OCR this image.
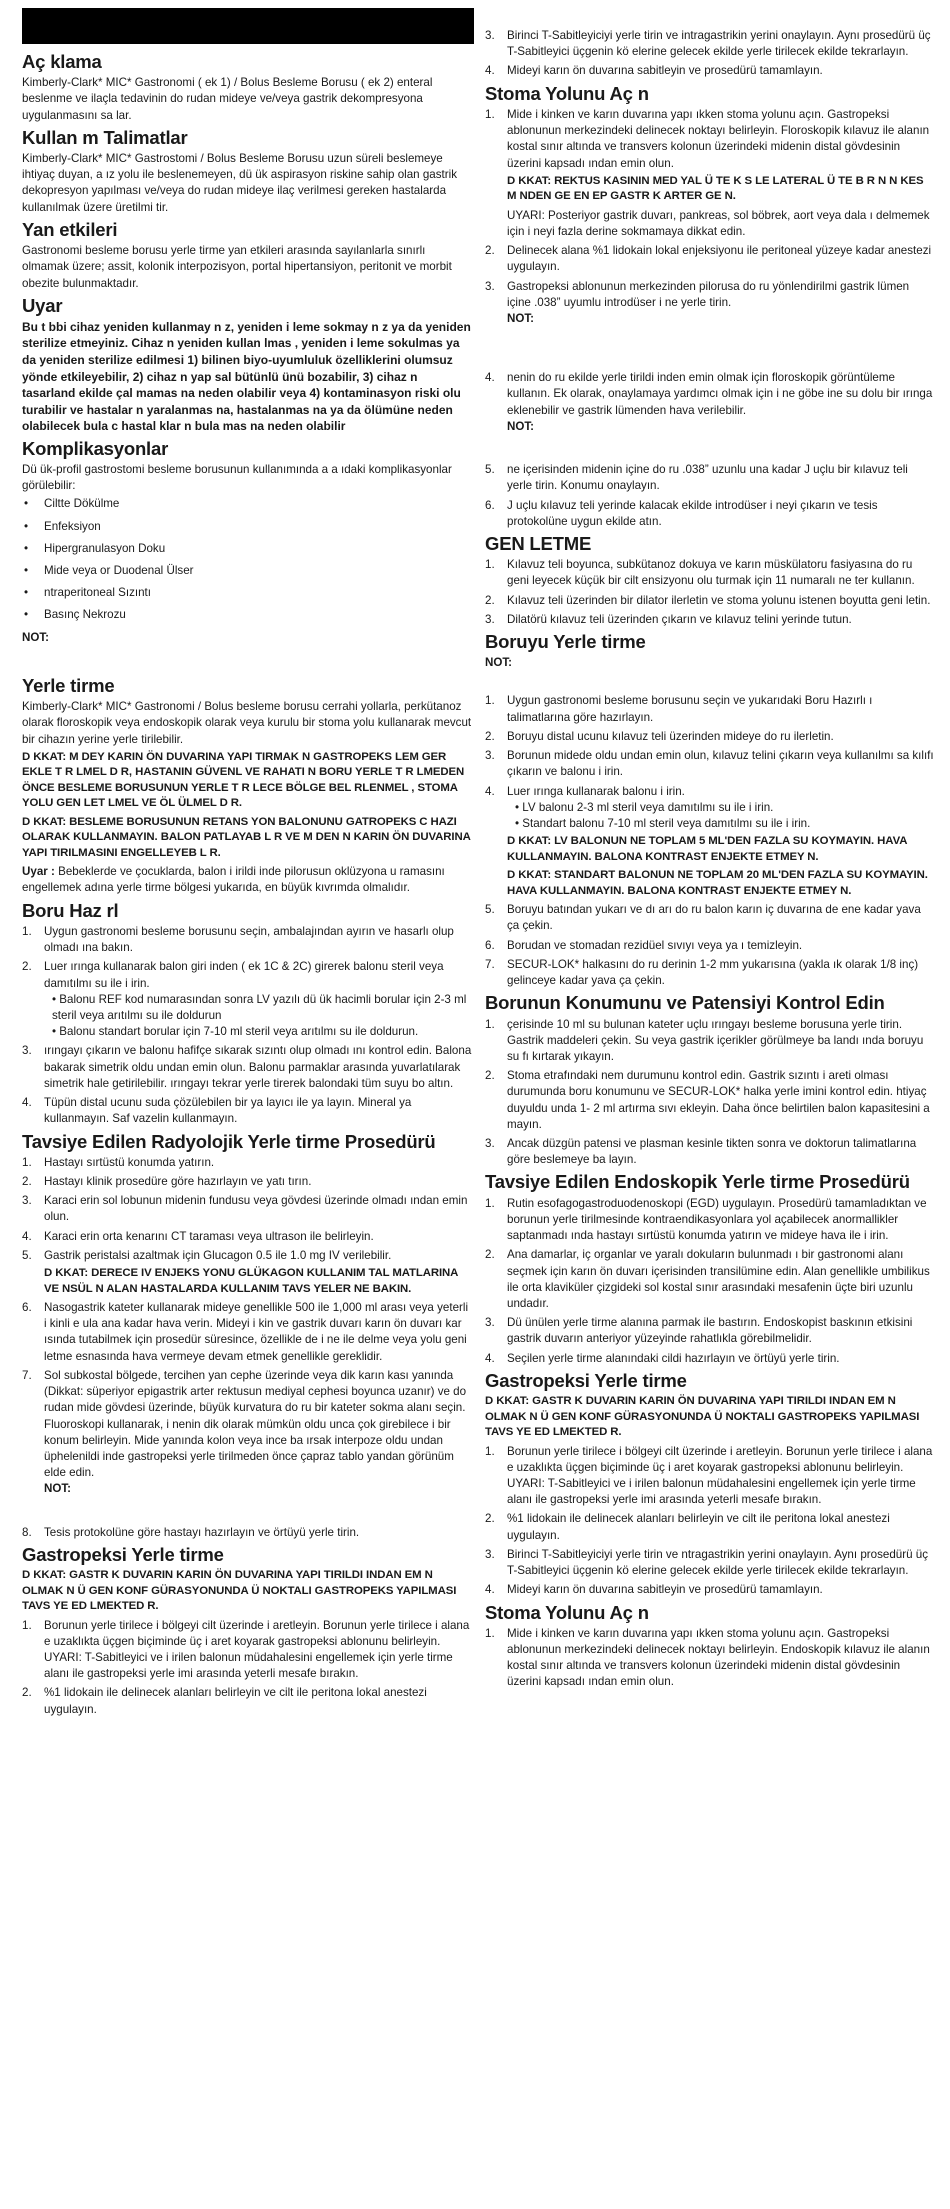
Aç klama

Kimberly-Clark* MIC* Gastronomi ( ek 1) / Bolus Besleme Borusu ( ek 2) enteral beslenme ve ilaçla tedavinin do rudan mideye ve/veya gastrik dekompresyona uygulanmasını sa lar.

Kullan m Talimatlar

Kimberly-Clark* MIC* Gastrostomi / Bolus Besleme Borusu uzun süreli beslemeye ihtiyaç duyan, a ız yolu ile beslenemeyen, dü ük aspirasyon riskine sahip olan gastrik dekopresyon yapılması ve/veya do rudan mideye ilaç verilmesi gereken hastalarda kullanılmak üzere üretilmi tir.

Yan etkileri

Gastronomi besleme borusu yerle tirme yan etkileri arasında sayılanlarla sınırlı olmamak üzere; assit, kolonik interpozisyon, portal hipertansiyon, peritonit ve morbit obezite bulunmaktadır.

Uyar

Bu t bbi cihaz yeniden kullanmay n z, yeniden i leme sokmay n z ya da yeniden sterilize etmeyiniz. Cihaz n yeniden kullan lmas , yeniden i leme sokulmas ya da yeniden sterilize edilmesi 1) bilinen biyo-uyumluluk özelliklerini olumsuz yönde etkileyebilir, 2) cihaz n yap sal bütünlü ünü bozabilir, 3) cihaz n tasarland ekilde çal mamas na neden olabilir veya 4) kontaminasyon riski olu turabilir ve hastalar n yaralanmas na, hastalanmas na ya da ölümüne neden olabilecek bula c hastal klar n bula mas na neden olabilir

Komplikasyonlar

Dü ük-profil gastrostomi besleme borusunun kullanımında a a ıdaki komplikasyonlar görülebilir:

• Ciltte Dökülme
• Enfeksiyon
• Hipergranulasyon Doku
• Mide veya or Duodenal Ülser
• ntraperitoneal Sızıntı
• Basınç Nekrozu

NOT:

Yerle tirme

Kimberly-Clark* MIC* Gastronomi / Bolus besleme borusu cerrahi yollarla, perkütanoz olarak floroskopik veya endoskopik olarak veya kurulu bir stoma yolu kullanarak mevcut bir cihazın yerine yerle tirilebilir.

D KKAT: M DEY KARIN ÖN DUVARINA YAPI TIRMAK N GASTROPEKS LEM GER EKLE T R LMEL D R, HASTANIN GÜVENL VE RAHATI N BORU YERLE T R LMEDEN ÖNCE BESLEME BORUSUNUN YERLE T R LECE BÖLGE BEL RLENMEL , STOMA YOLU GEN LET LMEL VE ÖL ÜLMEL D R.

D KKAT: BESLEME BORUSUNUN RETANS YON BALONUNU GATROPEKS C HAZI OLARAK KULLANMAYIN. BALON PATLAYAB L R VE M DEN N KARIN ÖN DUVARINA YAPI TIRILMASINI ENGELLEYEB L R.

Uyar : Bebeklerde ve çocuklarda, balon i irildi inde pilorusun oklüzyona u ramasını engellemek adına yerle tirme bölgesi yukarıda, en büyük kıvrımda olmalıdır.

Boru Haz rl
1. Uygun gastronomi besleme borusunu seçin, ambalajından ayırın ve hasarlı olup olmadı ına bakın.
2. Luer ırınga kullanarak balon giri inden ( ek 1C & 2C) girerek balonu steril veya damıtılmı su ile i irin.
• Balonu REF kod numarasından sonra LV yazılı dü ük hacimli borular için 2-3 ml steril veya arıtılmı su ile doldurun
• Balonu standart borular için 7-10 ml steril veya arıtılmı su ile doldurun.
3. ırıngayı çıkarın ve balonu hafifçe sıkarak sızıntı olup olmadı ını kontrol edin. Balona bakarak simetrik oldu undan emin olun. Balonu parmaklar arasında yuvarlatılarak simetrik hale getirilebilir. ırıngayı tekrar yerle tirerek balondaki tüm suyu bo altın.
4. Tüpün distal ucunu suda çözülebilen bir ya layıcı ile ya layın. Mineral ya kullanmayın. Saf vazelin kullanmayın.
Tavsiye Edilen Radyolojik Yerle tirme Prosedürü
1. Hastayı sırtüstü konumda yatırın.
2. Hastayı klinik prosedüre göre hazırlayın ve yatı tırın.
3. Karaci erin sol lobunun midenin fundusu veya gövdesi üzerinde olmadı ından emin olun.
4. Karaci erin orta kenarını CT taraması veya ultrason ile belirleyin.
5. Gastrik peristalsi azaltmak için Glucagon 0.5 ile 1.0 mg IV verilebilir.
D KKAT: DERECE IV ENJEKS YONU GLÜKAGON KULLANIM TAL MATLARINA VE NSÜL N ALAN HASTALARDA KULLANIM TAVS YELER NE BAKIN.
6. Nasogastrik kateter kullanarak mideye genellikle 500 ile 1,000 ml arası veya yeterli i kinli e ula ana kadar hava verin. Mideyi i kin ve gastrik duvarı karın ön duvarı kar ısında tutabilmek için prosedür süresince, özellikle de i ne ile delme veya yolu geni letme esnasında hava vermeye devam etmek genellikle gereklidir.
7. Sol subkostal bölgede, tercihen yan cephe üzerinde veya dik karın kası yanında (Dikkat: süperiyor epigastrik arter rektusun mediyal cephesi boyunca uzanır) ve do rudan mide gövdesi üzerinde, büyük kurvatura do ru bir kateter sokma alanı seçin. Fluoroskopi kullanarak, i nenin dik olarak mümkün oldu unca çok girebilece i bir konum belirleyin. Mide yanında kolon veya ince ba ırsak interpoze oldu undan üphelenildi inde gastropeksi yerle tirilmeden önce çapraz tablo yandan görünüm elde edin.
NOT:
8. Tesis protokolüne göre hastayı hazırlayın ve örtüyü yerle tirin.
Gastropeksi Yerle tirme

D KKAT: GASTR K DUVARIN KARIN ÖN DUVARINA YAPI TIRILDI INDAN EM N OLMAK N Ü GEN KONF GÜRASYONUNDA Ü NOKTALI GASTROPEKS YAPILMASI TAVS YE ED LMEKTED R.

1. Borunun yerle tirilece i bölgeyi cilt üzerinde i aretleyin. Borunun yerle tirilece i alana e uzaklıkta üçgen biçiminde üç i aret koyarak gastropeksi ablonunu belirleyin.
UYARI: T-Sabitleyici ve i irilen balonun müdahalesini engellemek için yerle tirme alanı ile gastropeksi yerle imi arasında yeterli mesafe bırakın.
2. %1 lidokain ile delinecek alanları belirleyin ve cilt ile peritona lokal anestezi uygulayın.
3. Birinci T-Sabitleyiciyi yerle tirin ve intragastrikin yerini onaylayın. Aynı prosedürü üç T-Sabitleyici üçgenin kö elerine gelecek ekilde yerle tirilecek ekilde tekrarlayın.
4. Mideyi karın ön duvarına sabitleyin ve prosedürü tamamlayın.
Stoma Yolunu Aç n
1. Mide i kinken ve karın duvarına yapı ıkken stoma yolunu açın. Gastropeksi ablonunun merkezindeki delinecek noktayı belirleyin. Floroskopik kılavuz ile alanın kostal sınır altında ve transvers kolonun üzerindeki midenin distal gövdesinin üzerini kapsadı ından emin olun.
D KKAT: REKTUS KASININ MED YAL Ü TE K S LE LATERAL Ü TE B R N N KES M NDEN GE EN EP GASTR K ARTER GE N.
UYARI: Posteriyor gastrik duvarı, pankreas, sol böbrek, aort veya dala ı delmemek için i neyi fazla derine sokmamaya dikkat edin.
2. Delinecek alana %1 lidokain lokal enjeksiyonu ile peritoneal yüzeye kadar anestezi uygulayın.
3. Gastropeksi ablonunun merkezinden pilorusa do ru yönlendirilmi gastrik lümen içine .038” uyumlu introdüser i ne yerle tirin.
NOT:
4. nenin do ru ekilde yerle tirildi inden emin olmak için floroskopik görüntüleme kullanın. Ek olarak, onaylamaya yardımcı olmak için i ne göbe ine su dolu bir ırınga eklenebilir ve gastrik lümenden hava verilebilir.
NOT:
5. ne içerisinden midenin içine do ru .038” uzunlu una kadar J uçlu bir kılavuz teli yerle tirin. Konumu onaylayın.
6. J uçlu kılavuz teli yerinde kalacak ekilde introdüser i neyi çıkarın ve tesis protokolüne uygun ekilde atın.
GEN LETME
1. Kılavuz teli boyunca, subkütanoz dokuya ve karın müskülatoru fasiyasına do ru geni leyecek küçük bir cilt ensizyonu olu turmak için 11 numaralı ne ter kullanın.
2. Kılavuz teli üzerinden bir dilator ilerletin ve stoma yolunu istenen boyutta geni letin.
3. Dilatörü kılavuz teli üzerinden çıkarın ve kılavuz telini yerinde tutun.
Boruyu Yerle tirme

NOT:

1. Uygun gastronomi besleme borusunu seçin ve yukarıdaki Boru Hazırlı ı talimatlarına göre hazırlayın.
2. Boruyu distal ucunu kılavuz teli üzerinden mideye do ru ilerletin.
3. Borunun midede oldu undan emin olun, kılavuz telini çıkarın veya kullanılmı sa kılıfı çıkarın ve balonu i irin.
4. Luer ırınga kullanarak balonu i irin.
• LV balonu 2-3 ml steril veya damıtılmı su ile i irin.
• Standart balonu 7-10 ml steril veya damıtılmı su ile i irin.
D KKAT: LV BALONUN NE TOPLAM 5 ML'DEN FAZLA SU KOYMAYIN. HAVA KULLANMAYIN. BALONA KONTRAST ENJEKTE ETMEY N.
D KKAT: STANDART BALONUN NE TOPLAM 20 ML'DEN FAZLA SU KOYMAYIN. HAVA KULLANMAYIN. BALONA KONTRAST ENJEKTE ETMEY N.
5. Boruyu batından yukarı ve dı arı do ru balon karın iç duvarına de ene kadar yava ça çekin.
6. Borudan ve stomadan rezidüel sıvıyı veya ya ı temizleyin.
7. SECUR-LOK* halkasını do ru derinin 1-2 mm yukarısına (yakla ık olarak 1/8 inç) gelinceye kadar yava ça çekin.
Borunun Konumunu ve Patensiyi Kontrol Edin
1. çerisinde 10 ml su bulunan kateter uçlu ırıngayı besleme borusuna yerle tirin. Gastrik maddeleri çekin. Su veya gastrik içerikler görülmeye ba landı ında boruyu su fı kırtarak yıkayın.
2. Stoma etrafındaki nem durumunu kontrol edin. Gastrik sızıntı i areti olması durumunda boru konumunu ve SECUR-LOK* halka yerle imini kontrol edin. htiyaç duyuldu unda 1- 2 ml artırma sıvı ekleyin. Daha önce belirtilen balon kapasitesini a mayın.
3. Ancak düzgün patensi ve plasman kesinle tikten sonra ve doktorun talimatlarına göre beslemeye ba layın.
Tavsiye Edilen Endoskopik Yerle tirme Prosedürü
1. Rutin esofagogastroduodenoskopi (EGD) uygulayın. Prosedürü tamamladıktan ve borunun yerle tirilmesinde kontraendikasyonlara yol açabilecek anormallikler saptanmadı ında hastayı sırtüstü konumda yatırın ve mideye hava ile i irin.
2. Ana damarlar, iç organlar ve yaralı dokuların bulunmadı ı bir gastronomi alanı seçmek için karın ön duvarı içerisinden transilümine edin. Alan genellikle umbilikus ile orta klaviküler çizgideki sol kostal sınır arasındaki mesafenin üçte biri uzunlu undadır.
3. Dü ünülen yerle tirme alanına parmak ile bastırın. Endoskopist baskının etkisini gastrik duvarın anteriyor yüzeyinde rahatlıkla görebilmelidir.
4. Seçilen yerle tirme alanındaki cildi hazırlayın ve örtüyü yerle tirin.
Gastropeksi Yerle tirme

D KKAT: GASTR K DUVARIN KARIN ÖN DUVARINA YAPI TIRILDI INDAN EM N OLMAK N Ü GEN KONF GÜRASYONUNDA Ü NOKTALI GASTROPEKS YAPILMASI TAVS YE ED LMEKTED R.

1. Borunun yerle tirilece i bölgeyi cilt üzerinde i aretleyin. Borunun yerle tirilece i alana e uzaklıkta üçgen biçiminde üç i aret koyarak gastropeksi ablonunu belirleyin.
UYARI: T-Sabitleyici ve i irilen balonun müdahalesini engellemek için yerle tirme alanı ile gastropeksi yerle imi arasında yeterli mesafe bırakın.
2. %1 lidokain ile delinecek alanları belirleyin ve cilt ile peritona lokal anestezi uygulayın.
3. Birinci T-Sabitleyiciyi yerle tirin ve ntragastrikin yerini onaylayın. Aynı prosedürü üç T-Sabitleyici üçgenin kö elerine gelecek ekilde yerle tirilecek ekilde tekrarlayın.
4. Mideyi karın ön duvarına sabitleyin ve prosedürü tamamlayın.
Stoma Yolunu Aç n
1. Mide i kinken ve karın duvarına yapı ıkken stoma yolunu açın. Gastropeksi ablonunun merkezindeki delinecek noktayı belirleyin. Endoskopik kılavuz ile alanın kostal sınır altında ve transvers kolonun üzerindeki midenin distal gövdesinin üzerini kapsadı ından emin olun.
